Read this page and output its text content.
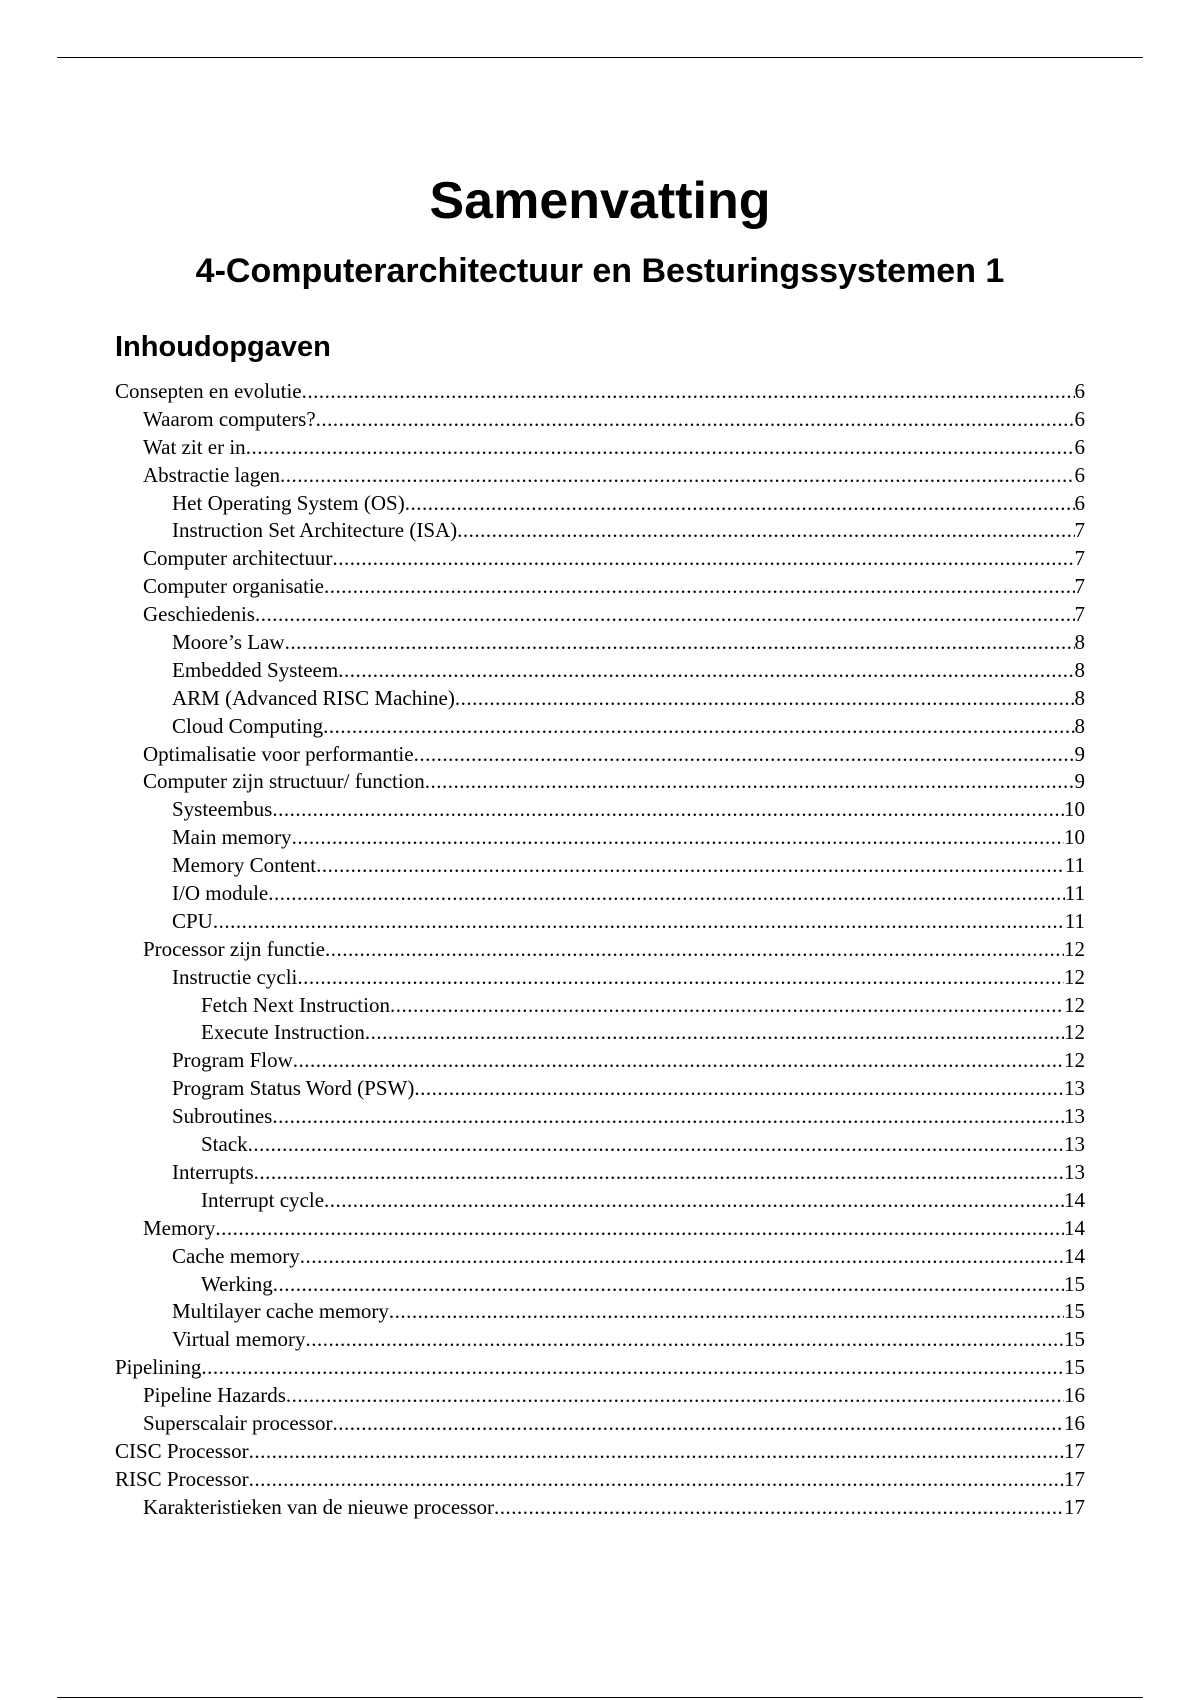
Samenvatting
4-Computerarchitectuur en Besturingssystemen 1
Inhoudopgaven
Consepten en evolutie .....	6
Waarom computers? .....	6
Wat zit er in .....	6
Abstractie lagen .....	6
Het Operating System (OS) .....	6
Instruction Set Architecture (ISA) .....	7
Computer architectuur .....	7
Computer organisatie .....	7
Geschiedenis .....	7
Moore’s Law .....	8
Embedded Systeem .....	8
ARM (Advanced RISC Machine) .....	8
Cloud Computing .....	8
Optimalisatie voor performantie .....	9
Computer zijn structuur/ function .....	9
Systeembus .....	10
Main memory .....	10
Memory Content .....	11
I/O module .....	11
CPU .....	11
Processor zijn functie .....	12
Instructie cycli .....	12
Fetch Next Instruction .....	12
Execute Instruction .....	12
Program Flow .....	12
Program Status Word (PSW) .....	13
Subroutines .....	13
Stack .....	13
Interrupts .....	13
Interrupt cycle .....	14
Memory .....	14
Cache memory .....	14
Werking .....	15
Multilayer cache memory .....	15
Virtual memory .....	15
Pipelining .....	15
Pipeline Hazards .....	16
Superscalair processor .....	16
CISC Processor .....	17
RISC Processor .....	17
Karakteristieken van de nieuwe processor .....	17
